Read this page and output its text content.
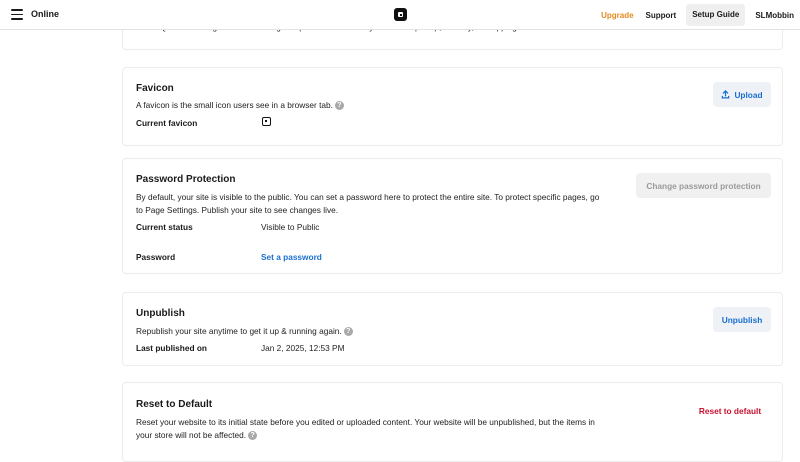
Online	Upgrade	Support	Setup Guide	SLMobbin
Favicon
A favicon is the small icon users see in a browser tab. ?
Current favicon
Upload
Password Protection
By default, your site is visible to the public. You can set a password here to protect the entire site. To protect specific pages, go to Page Settings. Publish your site to see changes live.
Current status	Visible to Public
Password	Set a password
Change password protection
Unpublish
Republish your site anytime to get it up & running again. ?
Last published on	Jan 2, 2025, 12:53 PM
Unpublish
Reset to Default
Reset your website to its initial state before you edited or uploaded content. Your website will be unpublished, but the items in your store will not be affected. ?
Reset to default
